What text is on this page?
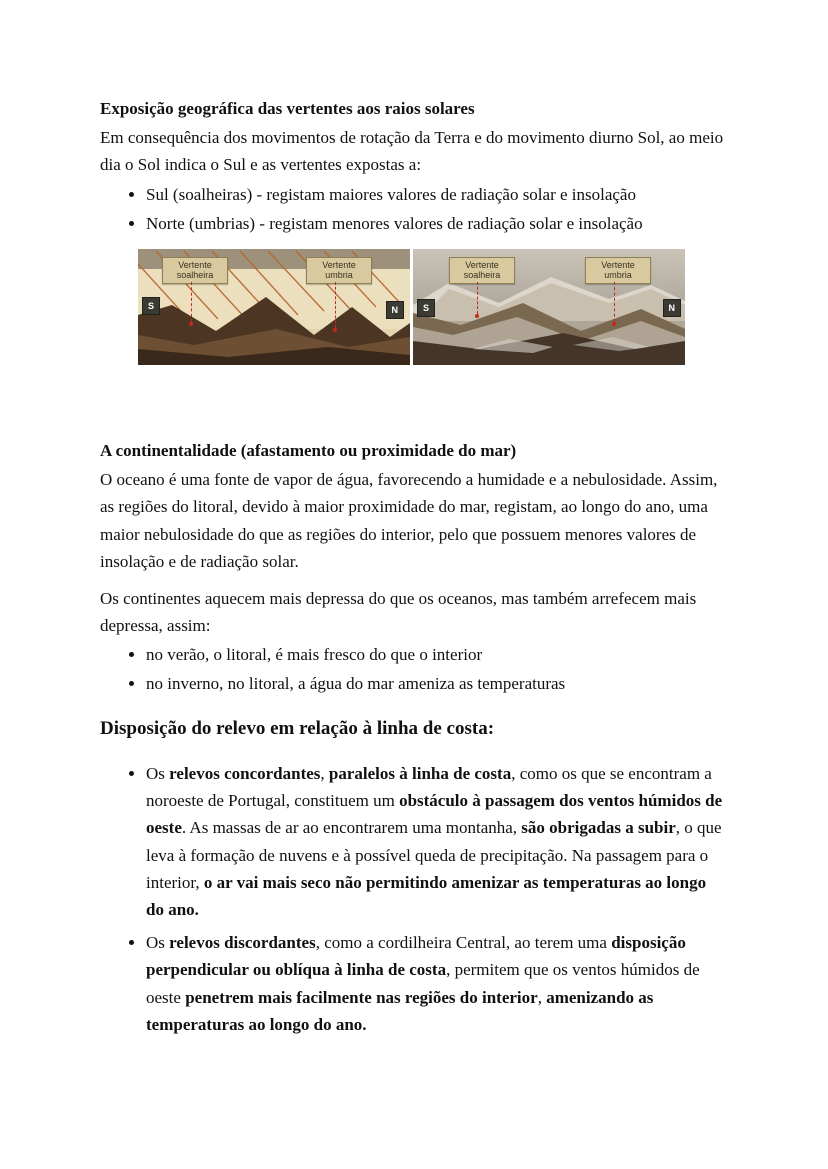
Exposição geográfica das vertentes aos raios solares

Em consequência dos movimentos de rotação da Terra e do movimento diurno Sol, ao meio dia o Sol indica o Sul e as vertentes expostas a:

• Sul (soalheiras) - registam maiores valores de radiação solar e insolação
• Norte (umbrias) - registam menores valores de radiação solar e insolação
Vertente soalheira
Vertente umbria
S	N
Vertente soalheira
Vertente umbria
S	N
A continentalidade (afastamento ou proximidade do mar)

O oceano é uma fonte de vapor de água, favorecendo a humidade e a nebulosidade. Assim, as regiões do litoral, devido à maior proximidade do mar, registam, ao longo do ano, uma maior nebulosidade do que as regiões do interior, pelo que possuem menores valores de insolação e de radiação solar.

Os continentes aquecem mais depressa do que os oceanos, mas também arrefecem mais depressa, assim:

• no verão, o litoral, é mais fresco do que o interior
• no inverno, no litoral, a água do mar ameniza as temperaturas
Disposição do relevo em relação à linha de costa:
• Os relevos concordantes, paralelos à linha de costa, como os que se encontram a noroeste de Portugal, constituem um obstáculo à passagem dos ventos húmidos de oeste. As massas de ar ao encontrarem uma montanha, são obrigadas a subir, o que leva à formação de nuvens e à possível queda de precipitação. Na passagem para o interior, o ar vai mais seco não permitindo amenizar as temperaturas ao longo do ano.
• Os relevos discordantes, como a cordilheira Central, ao terem uma disposição perpendicular ou oblíqua à linha de costa, permitem que os ventos húmidos de oeste penetrem mais facilmente nas regiões do interior, amenizando as temperaturas ao longo do ano.
